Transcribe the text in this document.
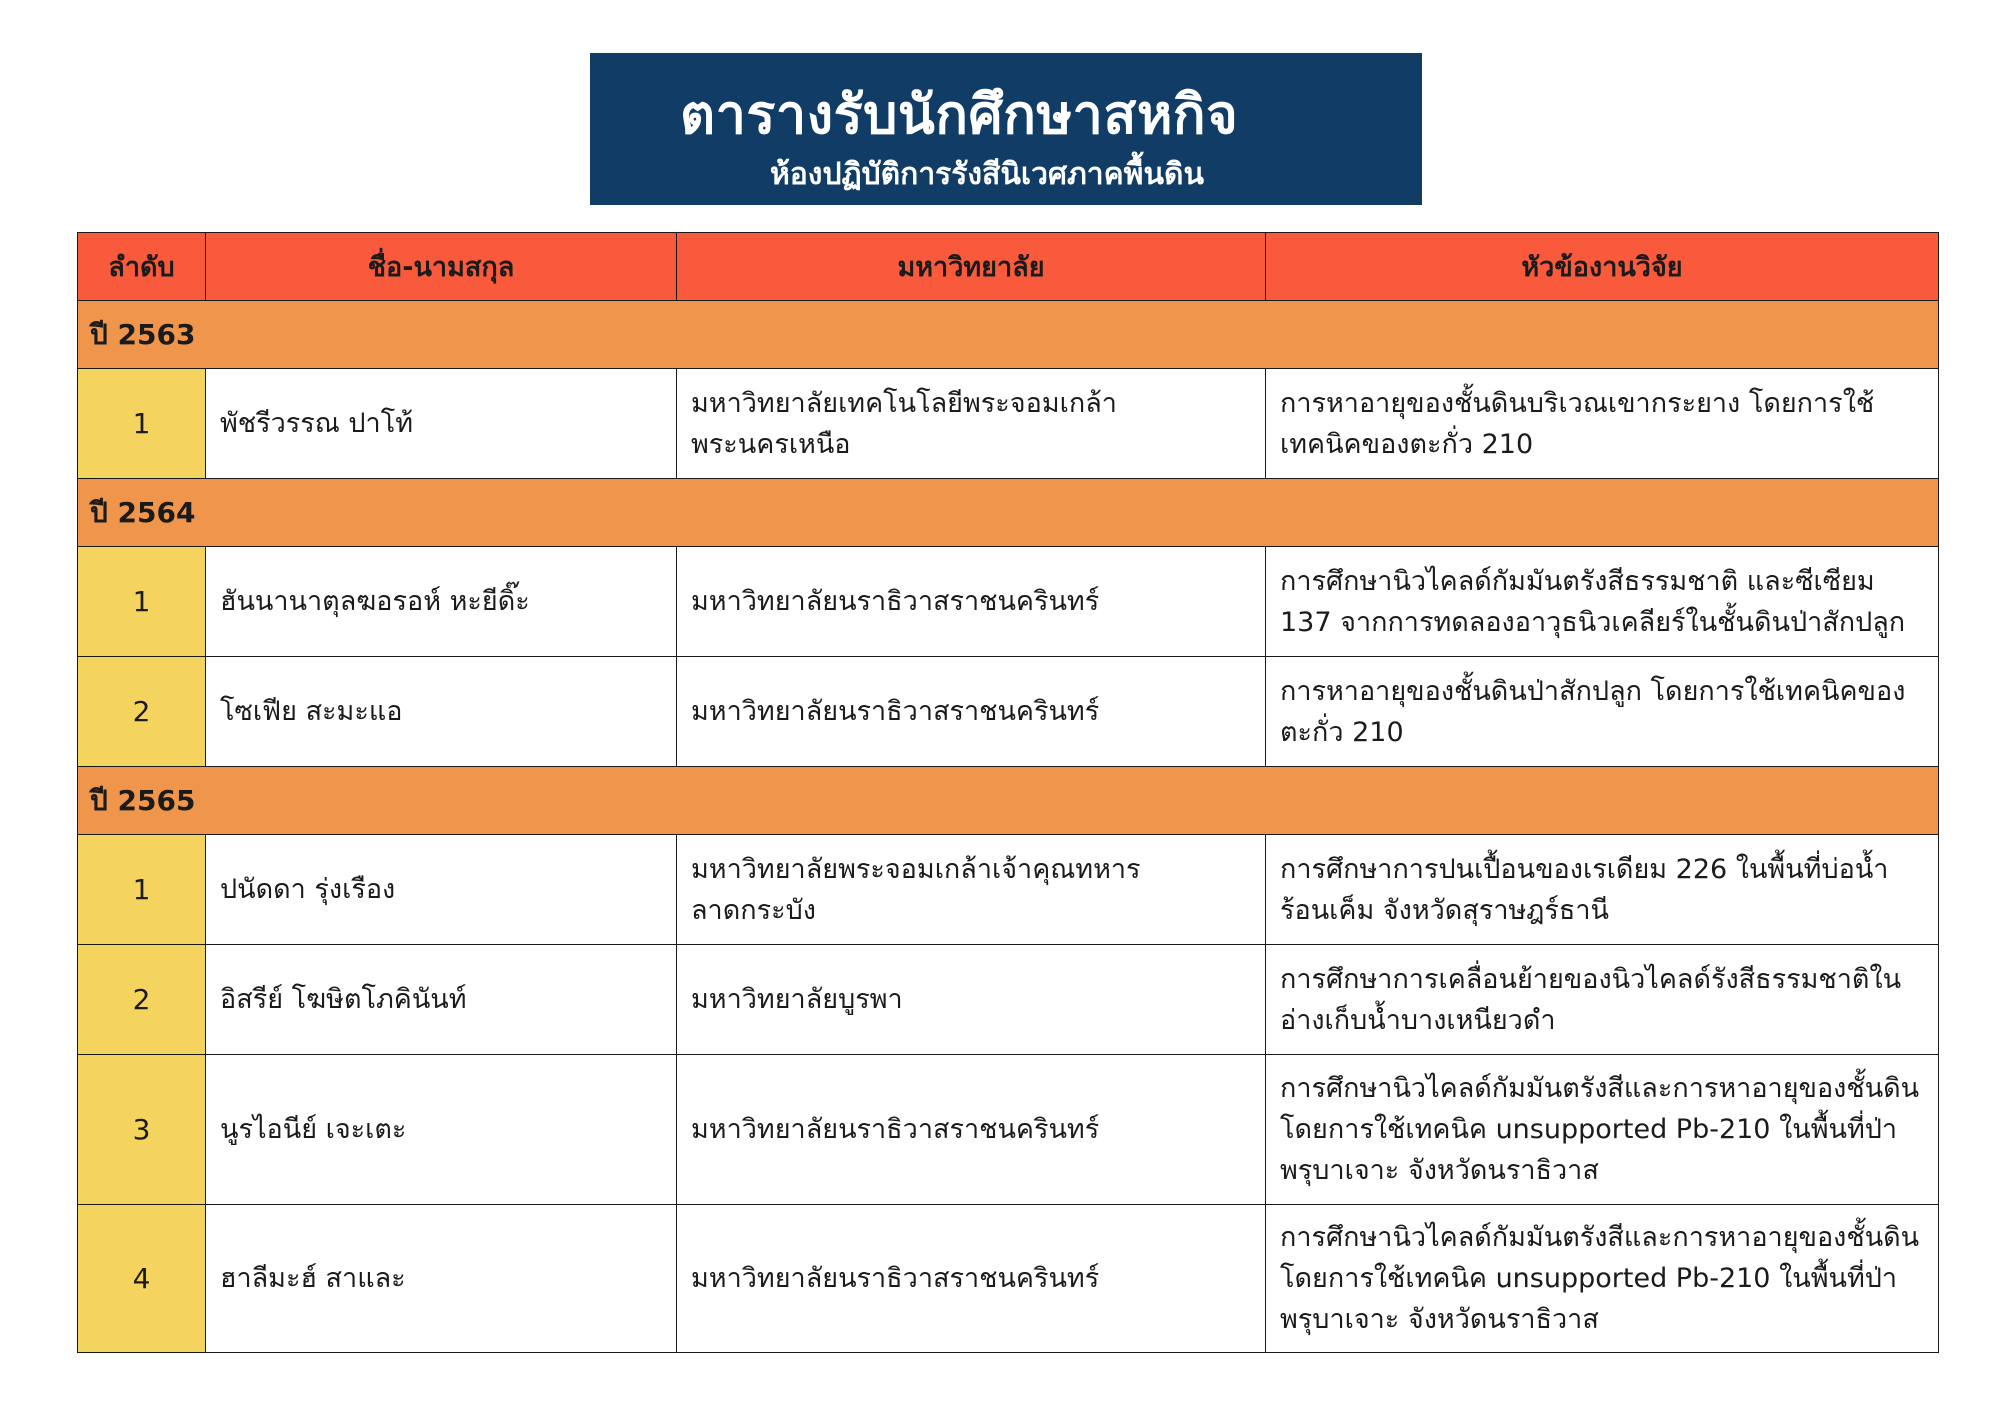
ตารางรับนักศึกษาสหกิจ
ห้องปฏิบัติการรังสีนิเวศภาคพื้นดิน
ลำดับ	ชื่อ-นามสกุล	มหาวิทยาลัย	หัวข้องานวิจัย
ปี 2563			
1	พัชรีวรรณ ปาโท้	มหาวิทยาลัยเทคโนโลยีพระจอมเกล้าพระนครเหนือ	การหาอายุของชั้นดินบริเวณเขากระยาง โดยการใช้เทคนิคของตะกั่ว 210
ปี 2564			
1	ฮันนานาตุลฆอรอห์ หะยีดิ๊ะ	มหาวิทยาลัยนราธิวาสราชนครินทร์	การศึกษานิวไคลด์กัมมันตรังสีธรรมชาติ และซีเซียม 137 จากการทดลองอาวุธนิวเคลียร์ในชั้นดินป่าสักปลูก
2	โซเฟีย สะมะแอ	มหาวิทยาลัยนราธิวาสราชนครินทร์	การหาอายุของชั้นดินป่าสักปลูก โดยการใช้เทคนิคของตะกั่ว 210
ปี 2565			
1	ปนัดดา รุ่งเรือง	มหาวิทยาลัยพระจอมเกล้าเจ้าคุณทหารลาดกระบัง	การศึกษาการปนเปื้อนของเรเดียม 226 ในพื้นที่บ่อน้ำร้อนเค็ม จังหวัดสุราษฎร์ธานี
2	อิสรีย์ โฆษิตโภคินันท์	มหาวิทยาลัยบูรพา	การศึกษาการเคลื่อนย้ายของนิวไคลด์รังสีธรรมชาติในอ่างเก็บน้ำบางเหนียวดำ
3	นูรไอนีย์ เจะเตะ	มหาวิทยาลัยนราธิวาสราชนครินทร์	การศึกษานิวไคลด์กัมมันตรังสีและการหาอายุของชั้นดิน โดยการใช้เทคนิค unsupported Pb-210 ในพื้นที่ป่าพรุบาเจาะ จังหวัดนราธิวาส
4	ฮาลีมะฮ์ สาและ	มหาวิทยาลัยนราธิวาสราชนครินทร์	การศึกษานิวไคลด์กัมมันตรังสีและการหาอายุของชั้นดิน โดยการใช้เทคนิค unsupported Pb-210 ในพื้นที่ป่าพรุบาเจาะ จังหวัดนราธิวาส
